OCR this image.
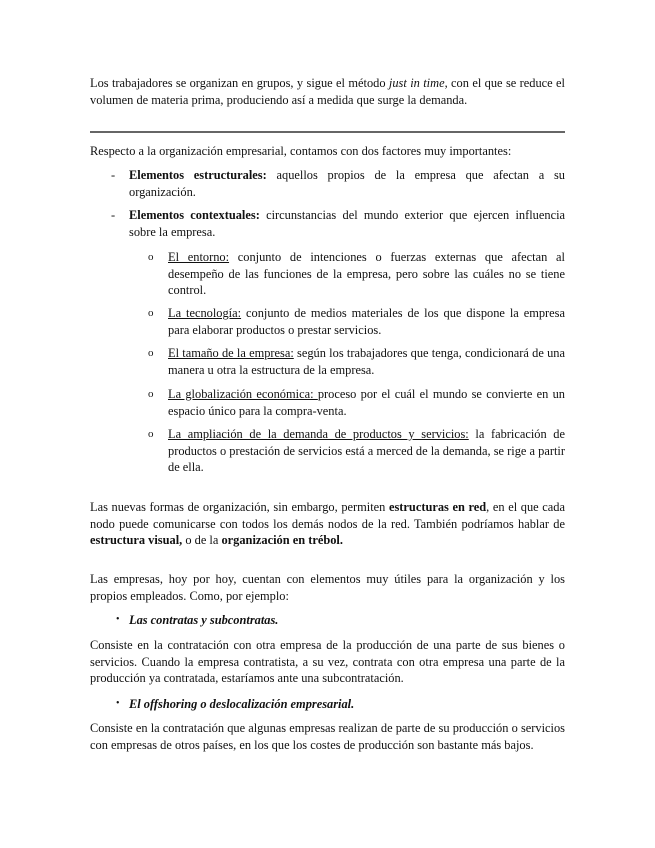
Los trabajadores se organizan en grupos, y sigue el método just in time, con el que se reduce el volumen de materia prima, produciendo así a medida que surge la demanda.

Respecto a la organización empresarial, contamos con dos factores muy importantes:

- Elementos estructurales: aquellos propios de la empresa que afectan a su organización.

- Elementos contextuales: circunstancias del mundo exterior que ejercen influencia sobre la empresa.

o El entorno: conjunto de intenciones o fuerzas externas que afectan al desempeño de las funciones de la empresa, pero sobre las cuáles no se tiene control.

o La tecnología: conjunto de medios materiales de los que dispone la empresa para elaborar productos o prestar servicios.

o El tamaño de la empresa: según los trabajadores que tenga, condicionará de una manera u otra la estructura de la empresa.

o La globalización económica: proceso por el cuál el mundo se convierte en un espacio único para la compra-venta.

o La ampliación de la demanda de productos y servicios: la fabricación de productos o prestación de servicios está a merced de la demanda, se rige a partir de ella.

Las nuevas formas de organización, sin embargo, permiten estructuras en red, en el que cada nodo puede comunicarse con todos los demás nodos de la red. También podríamos hablar de estructura visual, o de la organización en trébol.

Las empresas, hoy por hoy, cuentan con elementos muy útiles para la organización y los propios empleados. Como, por ejemplo:

• Las contratas y subcontratas.

Consiste en la contratación con otra empresa de la producción de una parte de sus bienes o servicios. Cuando la empresa contratista, a su vez, contrata con otra empresa una parte de la producción ya contratada, estaríamos ante una subcontratación.

• El offshoring o deslocalización empresarial.

Consiste en la contratación que algunas empresas realizan de parte de su producción o servicios con empresas de otros países, en los que los costes de producción son bastante más bajos.
